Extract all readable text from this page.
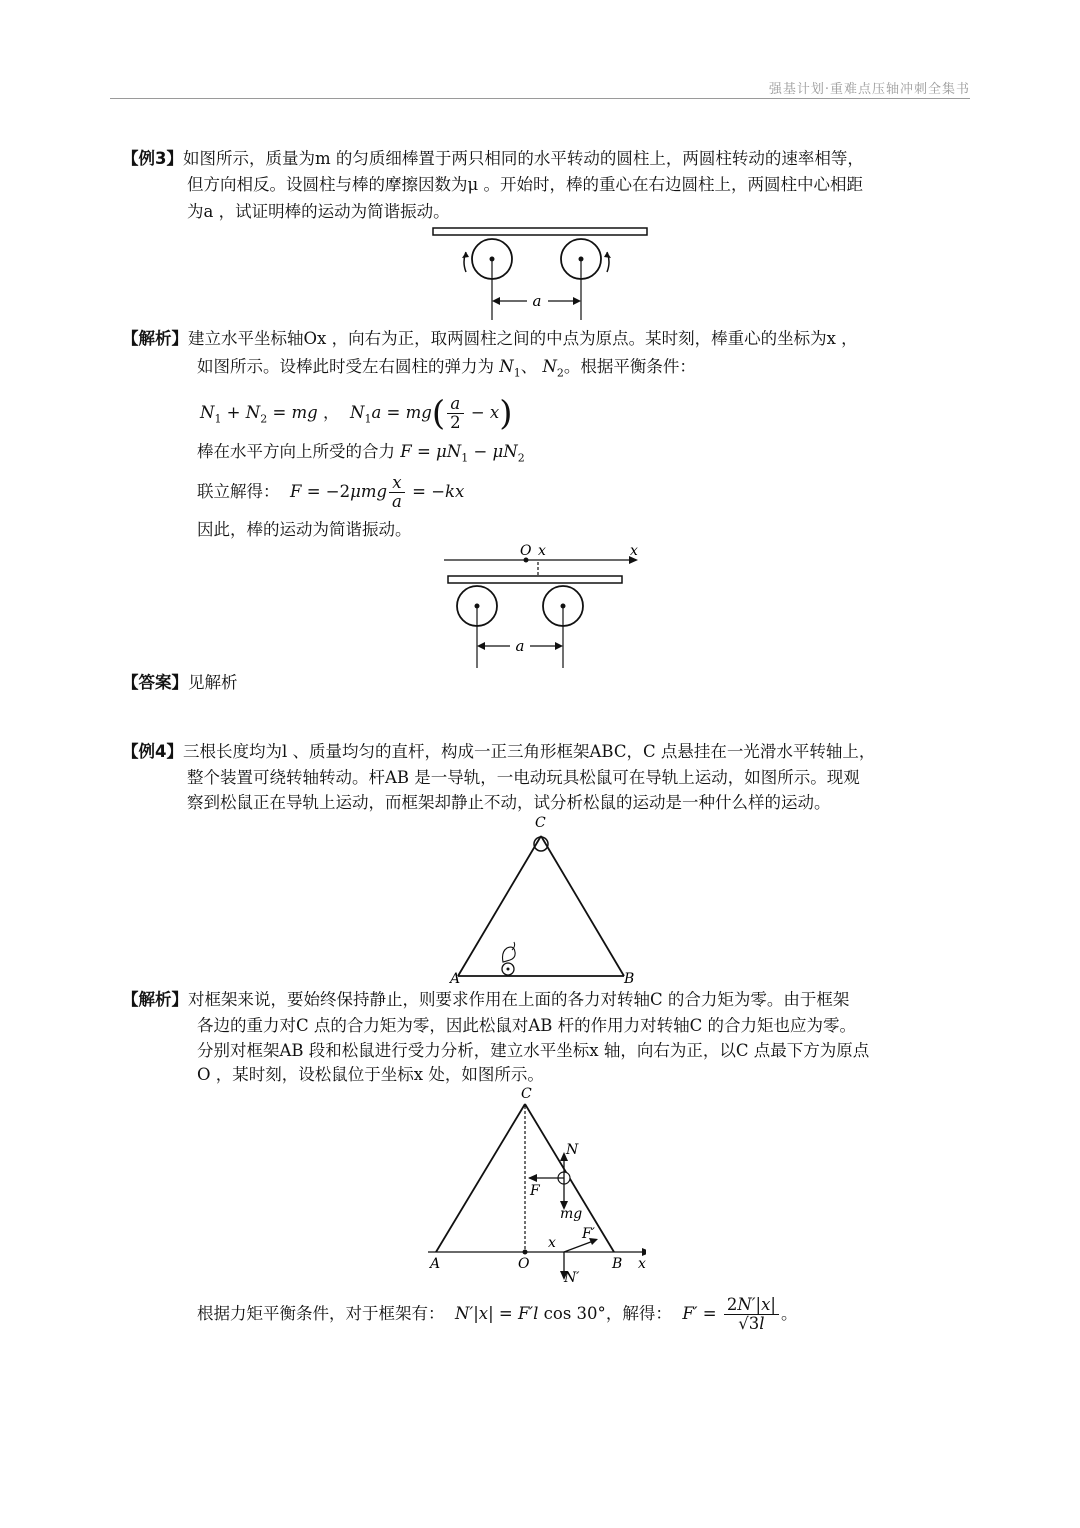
强基计划·重难点压轴冲刺全集书
【例3】如图所示，质量为m 的匀质细棒置于两只相同的水平转动的圆柱上，两圆柱转动的速率相等，
但方向相反。设圆柱与棒的摩擦因数为μ 。开始时，棒的重心在右边圆柱上，两圆柱中心相距
为a ，试证明棒的运动为简谐振动。
a
【解析】建立水平坐标轴Ox ，向右为正，取两圆柱之间的中点为原点。某时刻，棒重心的坐标为x ，
如图所示。设棒此时受左右圆柱的弹力为 $N_1$、 $N_2$。根据平衡条件：
$N_1 + N_2$ = mg ，  $N_1a = mg( \frac{a}{2} - x)$
棒在水平方向上所受的合力 $F = \mu N_1 - \mu N_2$
联立解得： $F = -2\mu mg \frac{x}{a} = -kx$
因此，棒的运动为简谐振动。
O x	x
a
【答案】见解析
【例4】三根长度均为l 、质量均匀的直杆，构成一正三角形框架ABC，C 点悬挂在一光滑水平转轴上，
整个装置可绕转轴转动。杆AB 是一导轨，一电动玩具松鼠可在导轨上运动，如图所示。现观
察到松鼠正在导轨上运动，而框架却静止不动，试分析松鼠的运动是一种什么样的运动。
C
A	B
【解析】对框架来说，要始终保持静止，则要求作用在上面的各力对转轴C 的合力矩为零。由于框架
各边的重力对C 点的合力矩为零，因此松鼠对AB 杆的作用力对转轴C 的合力矩也应为零。
分别对框架AB 段和松鼠进行受力分析，建立水平坐标x 轴，向右为正，以C 点最下方为原点
O ，某时刻，设松鼠位于坐标x 处，如图所示。
C
N
F
mg
F′
x
N′
A	O	B x
根据力矩平衡条件，对于框架有： N′|x| = F′l cos 30°，解得： $F' = \frac{2N'|x|}{√3l}$ 。
